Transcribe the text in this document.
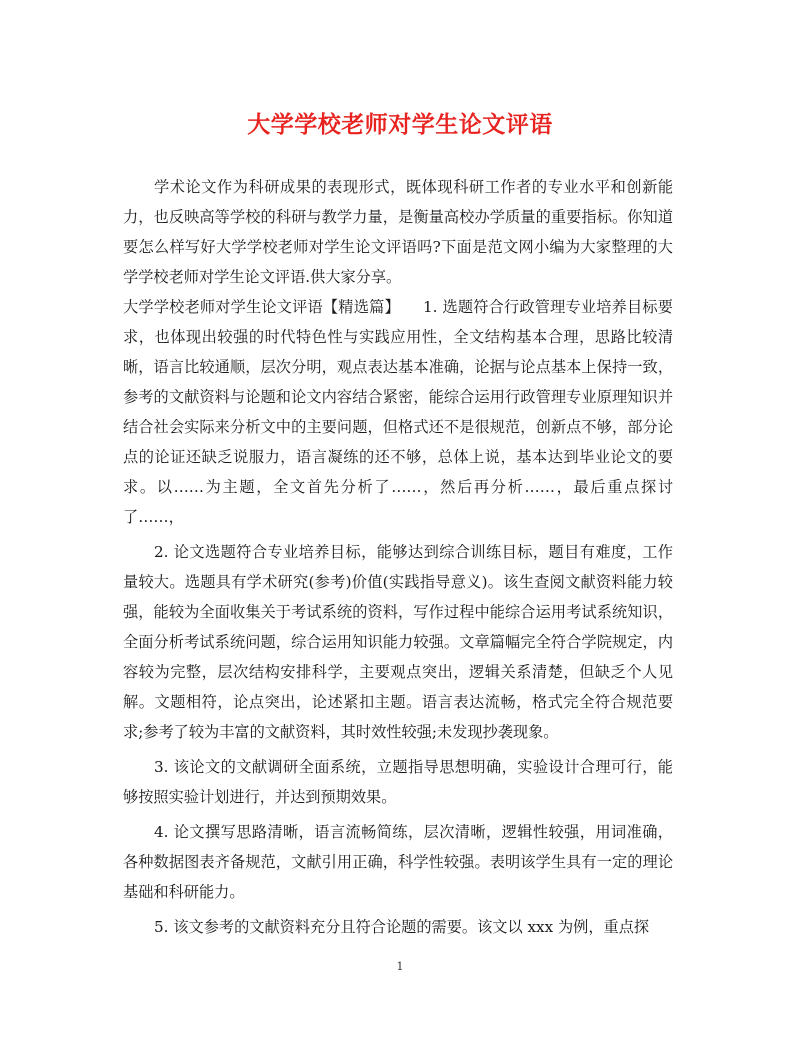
大学学校老师对学生论文评语

学术论文作为科研成果的表现形式，既体现科研工作者的专业水平和创新能力，也反映高等学校的科研与教学力量，是衡量高校办学质量的重要指标。你知道要怎么样写好大学学校老师对学生论文评语吗?下面是范文网小编为大家整理的大学学校老师对学生论文评语.供大家分享。

大学学校老师对学生论文评语【精选篇】　　1. 选题符合行政管理专业培养目标要求，也体现出较强的时代特色性与实践应用性，全文结构基本合理，思路比较清晰，语言比较通顺，层次分明，观点表达基本准确，论据与论点基本上保持一致，参考的文献资料与论题和论文内容结合紧密，能综合运用行政管理专业原理知识并结合社会实际来分析文中的主要问题，但格式还不是很规范，创新点不够，部分论点的论证还缺乏说服力，语言凝练的还不够，总体上说，基本达到毕业论文的要求。以……为主题，全文首先分析了……，然后再分析……，最后重点探讨了……，

2. 论文选题符合专业培养目标，能够达到综合训练目标，题目有难度，工作量较大。选题具有学术研究(参考)价值(实践指导意义)。该生查阅文献资料能力较强，能较为全面收集关于考试系统的资料，写作过程中能综合运用考试系统知识，全面分析考试系统问题，综合运用知识能力较强。文章篇幅完全符合学院规定，内容较为完整，层次结构安排科学，主要观点突出，逻辑关系清楚，但缺乏个人见解。文题相符，论点突出，论述紧扣主题。语言表达流畅，格式完全符合规范要求;参考了较为丰富的文献资料，其时效性较强;未发现抄袭现象。

3. 该论文的文献调研全面系统，立题指导思想明确，实验设计合理可行，能够按照实验计划进行，并达到预期效果。

4. 论文撰写思路清晰，语言流畅简练，层次清晰，逻辑性较强，用词准确，各种数据图表齐备规范，文献引用正确，科学性较强。表明该学生具有一定的理论基础和科研能力。

5. 该文参考的文献资料充分且符合论题的需要。该文以 xxx 为例，重点探

1
